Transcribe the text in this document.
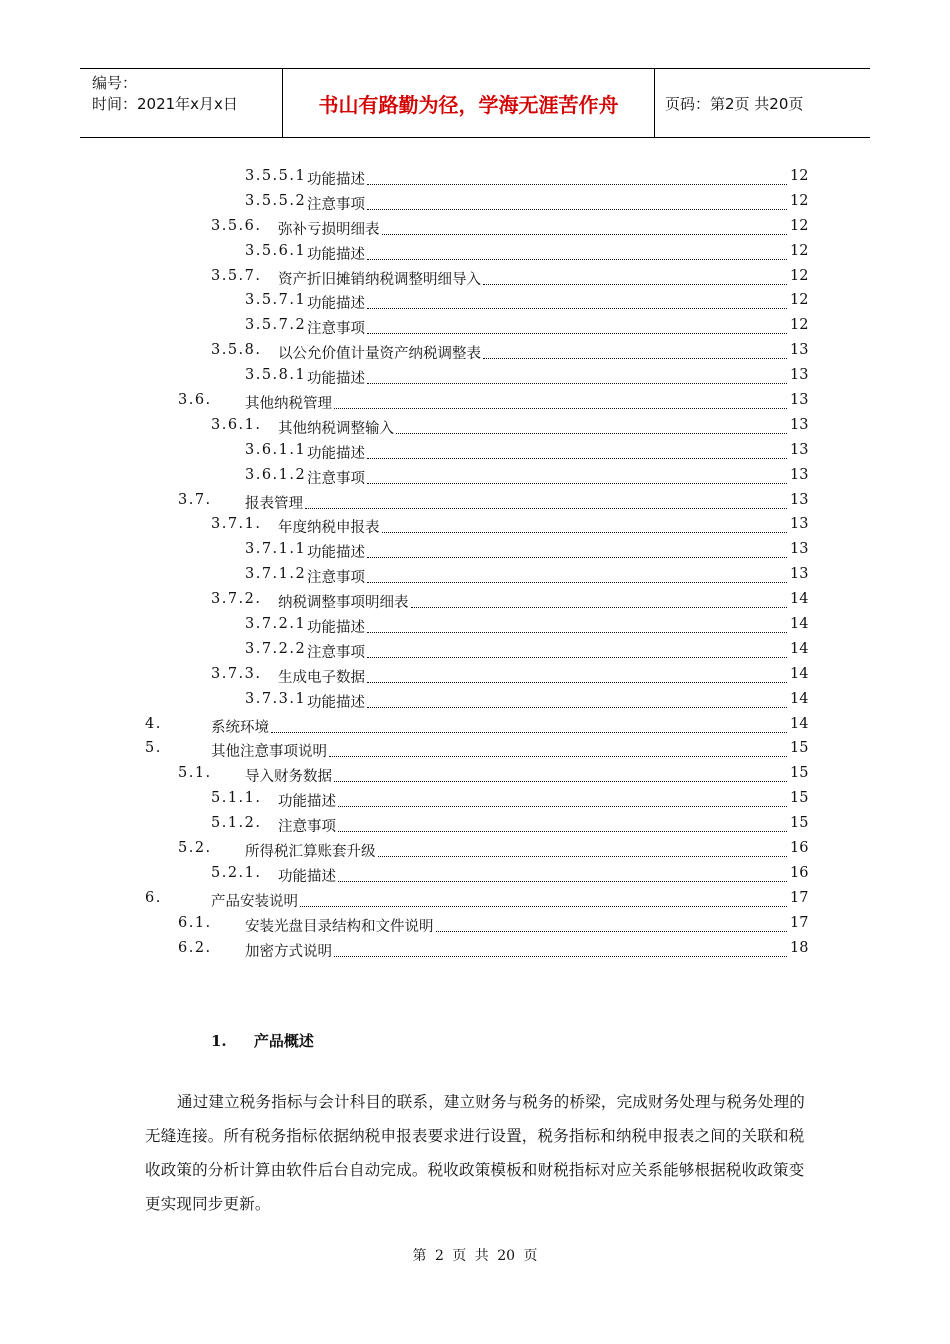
编号：
时间：2021年x月x日	书山有路勤为径，学海无涯苦作舟	页码：第2页 共20页
3.5.5.1 功能描述	12
3.5.5.2 注意事项	12
3.5.6. 弥补亏损明细表	12
3.5.6.1 功能描述	12
3.5.7. 资产折旧摊销纳税调整明细导入	12
3.5.7.1 功能描述	12
3.5.7.2 注意事项	12
3.5.8. 以公允价值计量资产纳税调整表	13
3.5.8.1 功能描述	13
3.6. 其他纳税管理	13
3.6.1. 其他纳税调整输入	13
3.6.1.1 功能描述	13
3.6.1.2 注意事项	13
3.7. 报表管理	13
3.7.1. 年度纳税申报表	13
3.7.1.1 功能描述	13
3.7.1.2 注意事项	13
3.7.2. 纳税调整事项明细表	14
3.7.2.1 功能描述	14
3.7.2.2 注意事项	14
3.7.3. 生成电子数据	14
3.7.3.1 功能描述	14
4.	系统环境	14
5.	其他注意事项说明	15
5.1. 导入财务数据	15
5.1.1. 功能描述	15
5.1.2. 注意事项	15
5.2. 所得税汇算账套升级	16
5.2.1. 功能描述	16
6.	产品安装说明	17
6.1. 安装光盘目录结构和文件说明	17
6.2. 加密方式说明	18
1. 产品概述
通过建立税务指标与会计科目的联系，建立财务与税务的桥梁，完成财务处理与税务处理的无缝连接。所有税务指标依据纳税申报表要求进行设置，税务指标和纳税申报表之间的关联和税收政策的分析计算由软件后台自动完成。税收政策模板和财税指标对应关系能够根据税收政策变更实现同步更新。
第 2 页 共 20 页
